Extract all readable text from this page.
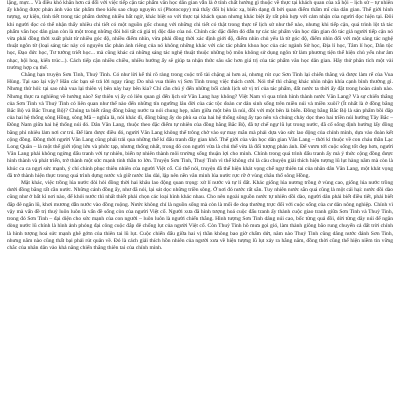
lặng, mực... Và điều khó khăn hơn cả đối với việc tiếp cận tác phẩm văn học dân gian vẫn là ở tính chất hướng gì thuộc về thực tại khách quan của xã hội – lịch sử – tự nhiên ấy không được phản ánh vào tác phẩm theo kiểu sao chụp nguyên xi (Photocopy) mà thấy đổi bị khúc xạ, biến dạng đi bởi quan điểm thẩm mĩ của dân gian. Thế giới hình tượng, sự kiện, tình tiết trong tác phẩm dường nhiều bất ngờ, khác biệt so với thực tại khách quan nhưng khác biệt ấy rất phù hợp với cảm nhận của người đọc hiện tại. Đôi khi người đọc có thể nhận thấy nhiều chi tiết có một nguồn gốc chung với những chi tiết có thật trong thực tế lịch sử như thế nào, nhưng khi tiếp cận, quá trình lột tả tác phẩm văn học dân gian còn là một trong những đòi hỏi tất cả giá trị độc đáo của nó. Chính các đặc điểm đó dẫn tự các tác phẩm văn học dân gian đó tác giả người tiếp cận nó vừa phải đồng thời xuất phát từ nhiều góc độ, nhiều điểm nhìn, vừa phải đồng thời xác định giới độ, điểm nhìn chủ yếu là từ góc độ, điểm nhìn đối với một sáng tác nghệ thuật ngôn từ (loại sáng tác này có nguyên tắc phản ánh riêng của nó không những khác với các tác phẩm khoa học của các ngành Sử học, Địa lí học, Tâm lí học, Dân tộc học, Đạo đức học, Tư tưởng triết học... mà cũng khác cả những sáng tác nghệ thuật thuộc những bộ môn không sử dụng ngôn từ làm phương tiện thể hiện chủ yếu như âm nhạc, hội hoạ, kiến trúc...). Cách tiếp cận nhiều chiều, nhiều hướng ấy sẽ giúp ta nhận thức sâu sắc hơn giá trị của tác phẩm văn học dân gian. Hãy thử phân tích một vài trường hợp cụ thể.

Chẳng hạn truyện Sơn Tinh, Thuỷ Tinh. Có như lời kể thì rõ ràng trong cuộc trổ tài chặng ai hơn ai, nhưng rút cục Sơn Tinh lại chiến thắng và được làm rể của Vua Hùng. Tại sao lại vậy? Hẳn các bạn sẽ trả lời ngay rằng: Do nhà vua thiên vị Sơn Tinh trong việc thách cưới. Nói thế thì chẳng khác nhìn nhận khía cạnh bình thường gì. Nhưng thử hỏi: tại sao nhà vua lại thiên vị bên này hay bên kia? Chỉ cần chú ý đến những bối cảnh lịch sử vị trí của tác phẩm, đất nước ta thời ấy đặt trong hoàn cảnh nào. Nhưng thực ra nghiêng về hướng nào? Sự thiên vị ấy có liên quan gì đến lịch sử Văn Lang hay không? Việt Nam vì qua trình hình thành nước Văn Lang? Và sự chiến thắng của Sơn Tinh và Thuỷ Tinh có liên quan như thế nào đến những tín ngưỡng lâu đời của các tộc đoàn cư dân sinh sống trên miền núi và miền xuôi? (Ít nhất là ở đồng bằng Bắc Bộ và Bắc Trung Bộ)? Chúng ta biết rằng đồng bằng nước ta nói chung hẹp, nằm giữa một bên là núi, đồi với một bên là biển. Đồng bằng Bắc Bộ là sản phẩm bồi đắp của hai hệ thống sông Hồng, sông Mã – nghĩa là, nói khác đi, đồng bằng ấy do phù sa của hai hệ thống sông ấy tạo nên và chúng chảy dọc theo hai triền núi hướng Tây Bắc – Đông Nam giữa hai hệ thống núi đó. Dân Văn Lang, thuộc theo đặc điểm tự nhiên của đồng bằng Bắc Bộ, đã tự chế ngự lũ lụt trong nước, đã cố sống định hướng lấy đồng bằng phì nhiêu làm nơi cư trú. Để làm được điều đó, người Văn Lang không thể trông chờ vào sự may mắn mà phải dựa vào sức lao động của chính mình, dựa vào đoàn kết cộng đồng. Đồng thời người Văn Lang cũng phải trải qua những thế kỉ đấu tranh đầy gian khổ. Thế giới của văn học dân gian Văn Lang – thời kì thuộc về con cháu thần Lạc Long Quân – là một thế giới rộng lớn và phức tạp, nhưng thống nhất, trong đó con người vừa là chủ thể vừa là đối tượng phản ánh. Để vươn tới cuộc sống tốt đẹp hơn, người Văn Lang phải không ngừng đấu tranh với tự nhiên, biến tự nhiên thành môi trường sống thuận lợi cho mình. Chính trong quá trình đấu tranh ấy mà ý thức cộng đồng được hình thành và phát triển, trở thành một sức mạnh tinh thần to lớn. Truyện Sơn Tinh, Thuỷ Tinh vì thế không chỉ là câu chuyện giải thích hiện tượng lũ lụt hàng năm mà còn là khúc ca ca ngợi sức mạnh, ý chí chinh phục thiên nhiên của người Việt cổ. Có thể nói, truyện đã thể hiện khát vọng chế ngự thiên tai của nhân dân Văn Lang, một khát vọng đã trở thành hiện thực trong quá trình dựng nước và giữ nước lâu dài, lập nên nền văn minh lúa nước rực rỡ ở vùng châu thổ sông Hồng.

Mặt khác, việc trồng lúa nước đòi hỏi đồng thời hai khâu lao động quan trọng: xử lí nước và tự lí đất. Khác giống lúa nương trồng ở vùng cao, giống lúa nước trồng dưới đồng bằng rất cần nước. Những cánh đồng ấy, như đã nói, lại sát dọc những triền sông. Ở nơi đó nước rất sẵn. Tuy nhiên nước sẵn quá cũng là một cái hại: nước dồi dào cũng như ở bất kì nơi nào, để khỏi nước thì nhất thiết phải chọn các loại hình khác nhau. Cho nên ngoài nguồn nước tự nhiên dồi dào, người dân phải biết điều tiết, phải biết đắp đê ngăn lũ, khơi mương dẫn nước vào đồng ruộng. Nước không chỉ là nguồn sống mà còn là mối đe doạ thường trực đối với cuộc sống của cư dân nông nghiệp. Chính vì vậy mà vấn đề trị thuỷ luôn luôn là vấn đề sống còn của người Việt cổ. Người xưa đã hình tượng hoá cuộc đấu tranh ấy thành cuộc giao tranh giữa Sơn Tinh và Thuỷ Tinh, trong đó Sơn Tinh – đại diện cho sức mạnh của con người – luôn luôn là người chiến thắng. Hình tượng Sơn Tinh dâng núi cao, bốc từng quả đồi, dời từng dãy núi để ngăn dòng nước lũ chính là hình ảnh phóng đại công cuộc đắp đê chống lụt của người Việt cổ. Còn Thuỷ Tinh hô mưa gọi gió, làm thành giông bão rung chuyển cả đất trời chính là hình tượng hoá sức mạnh ghê gớm của thiên tai lũ lụt. Cuộc chiến đấu giữa hai vị thần không bao giờ chấm dứt, năm nào Thuỷ Tinh cũng dâng nước đánh Sơn Tinh, nhưng năm nào cũng thất bại phải rút quân về. Đó là cách giải thích hồn nhiên của người xưa về hiện tượng lũ lụt xảy ra hằng năm, đồng thời cũng thể hiện niềm tin vững chắc của nhân dân vào khả năng chiến thắng thiên tai của chính mình.
